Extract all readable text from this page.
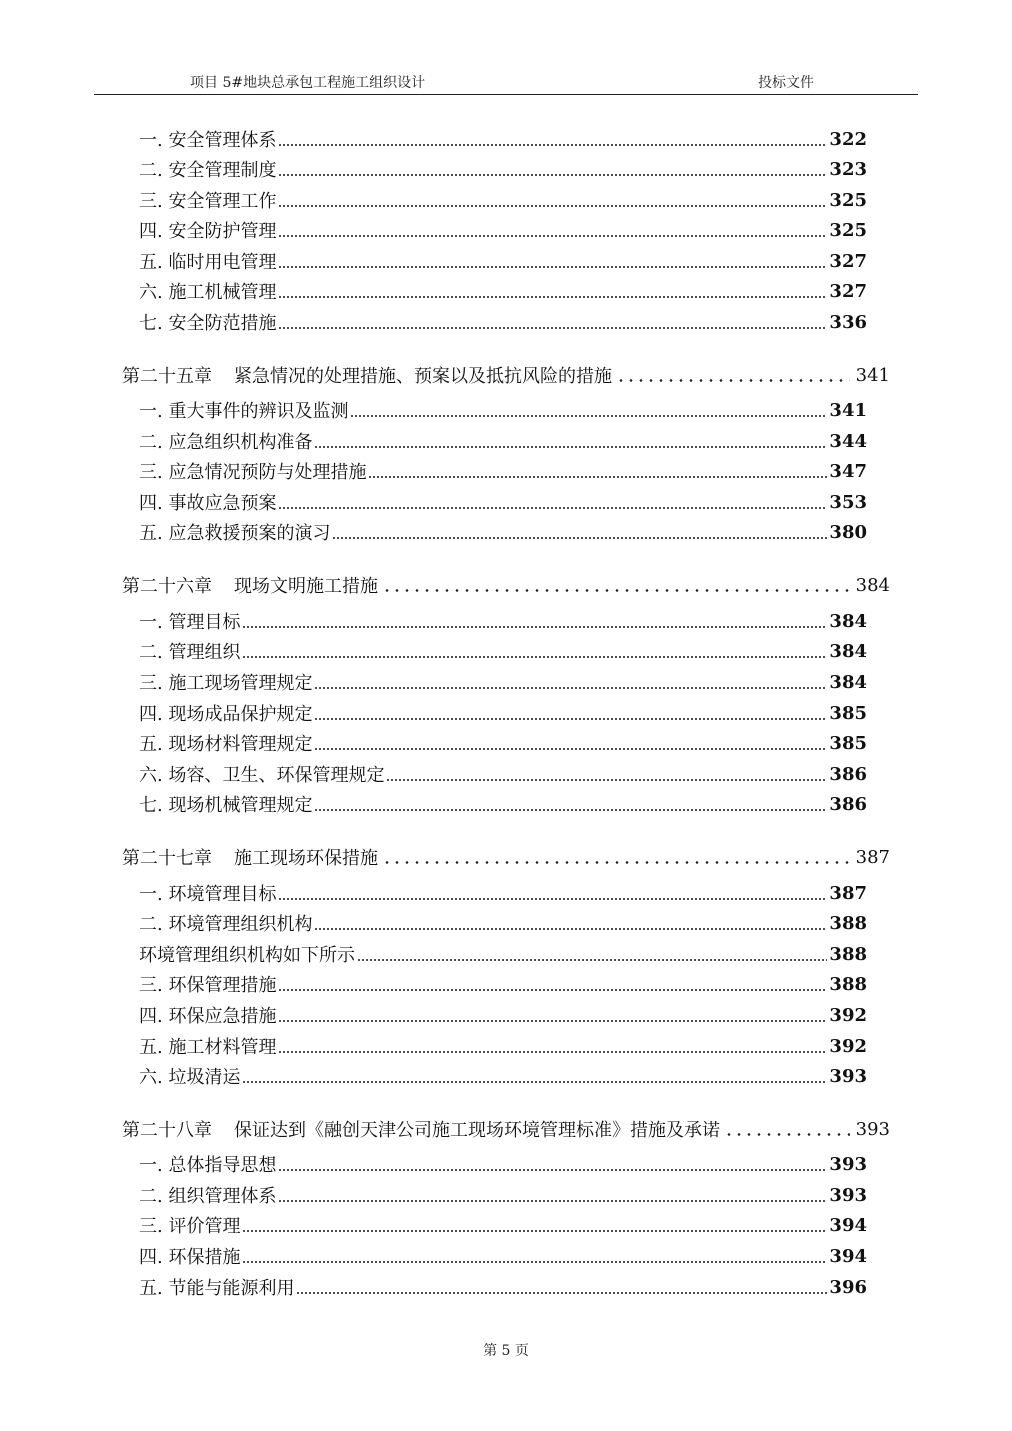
项目 5#地块总承包工程施工组织设计	投标文件
一. 安全管理体系	322
二. 安全管理制度	323
三. 安全管理工作	325
四. 安全防护管理	325
五. 临时用电管理	327
六. 施工机械管理	327
七. 安全防范措施	336
第二十五章 紧急情况的处理措施、预案以及抵抗风险的措施	341
一. 重大事件的辨识及监测	341
二. 应急组织机构准备	344
三. 应急情况预防与处理措施	347
四. 事故应急预案	353
五. 应急救援预案的演习	380
第二十六章 现场文明施工措施	384
一. 管理目标	384
二. 管理组织	384
三. 施工现场管理规定	384
四. 现场成品保护规定	385
五. 现场材料管理规定	385
六. 场容、卫生、环保管理规定	386
七. 现场机械管理规定	386
第二十七章 施工现场环保措施	387
一. 环境管理目标	387
二. 环境管理组织机构	388
环境管理组织机构如下所示	388
三. 环保管理措施	388
四. 环保应急措施	392
五. 施工材料管理	392
六. 垃圾清运	393
第二十八章 保证达到《融创天津公司施工现场环境管理标准》措施及承诺	393
一. 总体指导思想	393
二. 组织管理体系	393
三. 评价管理	394
四. 环保措施	394
五. 节能与能源利用	396
第 5 页
